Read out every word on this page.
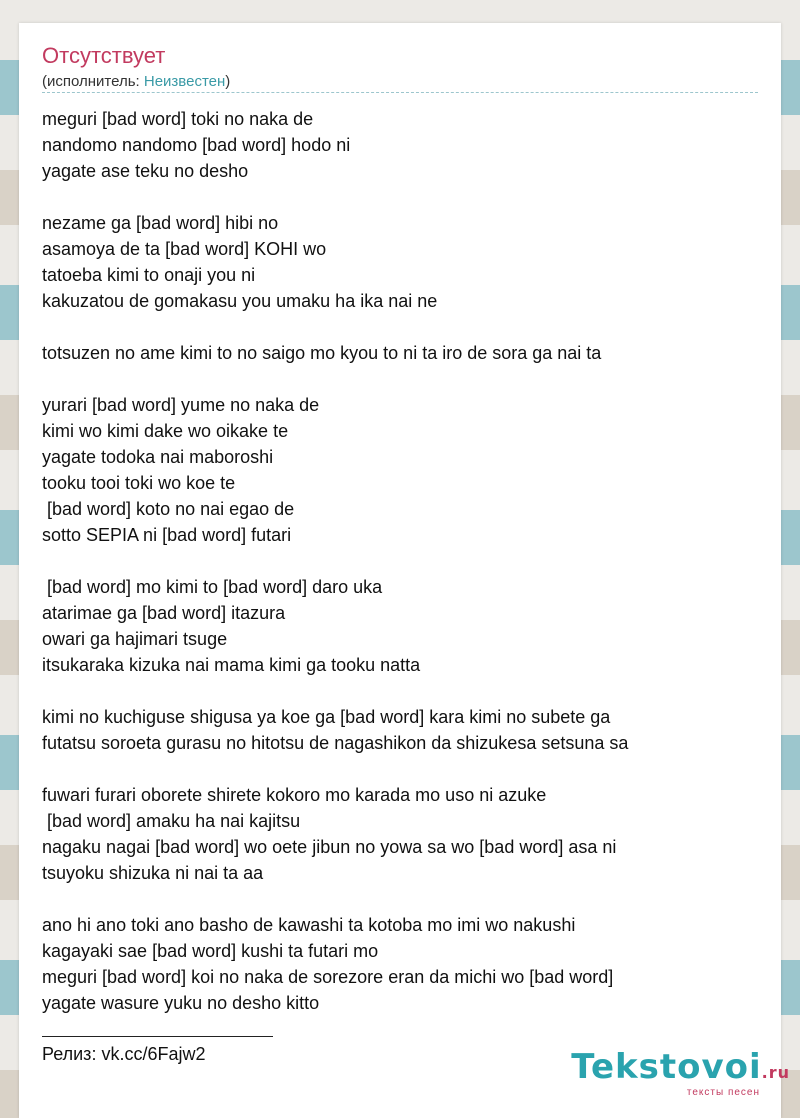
Отсутствует
(исполнитель: Неизвестен)
meguri [bad word] toki no naka de
nandomo nandomo [bad word] hodo ni
yagate ase teku no desho

nezame ga [bad word] hibi no
asamoya de ta [bad word] KOHI wo
tatoeba kimi to onaji you ni
kakuzatou de gomakasu you umaku ha ika nai ne

totsuzen no ame kimi to no saigo mo kyou to ni ta iro de sora ga nai ta

yurari [bad word] yume no naka de
kimi wo kimi dake wo oikake te
yagate todoka nai maboroshi
tooku tooi toki wo koe te
[bad word] koto no nai egao de
sotto SEPIA ni [bad word] futari

[bad word] mo kimi to [bad word] daro uka
atarimae ga [bad word] itazura
owari ga hajimari tsuge
itsukaraka kizuka nai mama kimi ga tooku natta

kimi no kuchiguse shigusa ya koe ga [bad word] kara kimi no subete ga
futatsu soroeta gurasu no hitotsu de nagashikon da shizukesa setsuna sa

fuwari furari oborete shirete kokoro mo karada mo uso ni azuke
[bad word] amaku ha nai kajitsu
nagaku nagai [bad word] wo oete jibun no yowa sa wo [bad word] asa ni
tsuyoku shizuka ni nai ta aa

ano hi ano toki ano basho de kawashi ta kotoba mo imi wo nakushi
kagayaki sae [bad word] kushi ta futari mo
meguri [bad word] koi no naka de sorezore eran da michi wo [bad word]
yagate wasure yuku no desho kitto
Релиз: vk.cc/6Fajw2	Tekstovoi.ru
тексты песен
